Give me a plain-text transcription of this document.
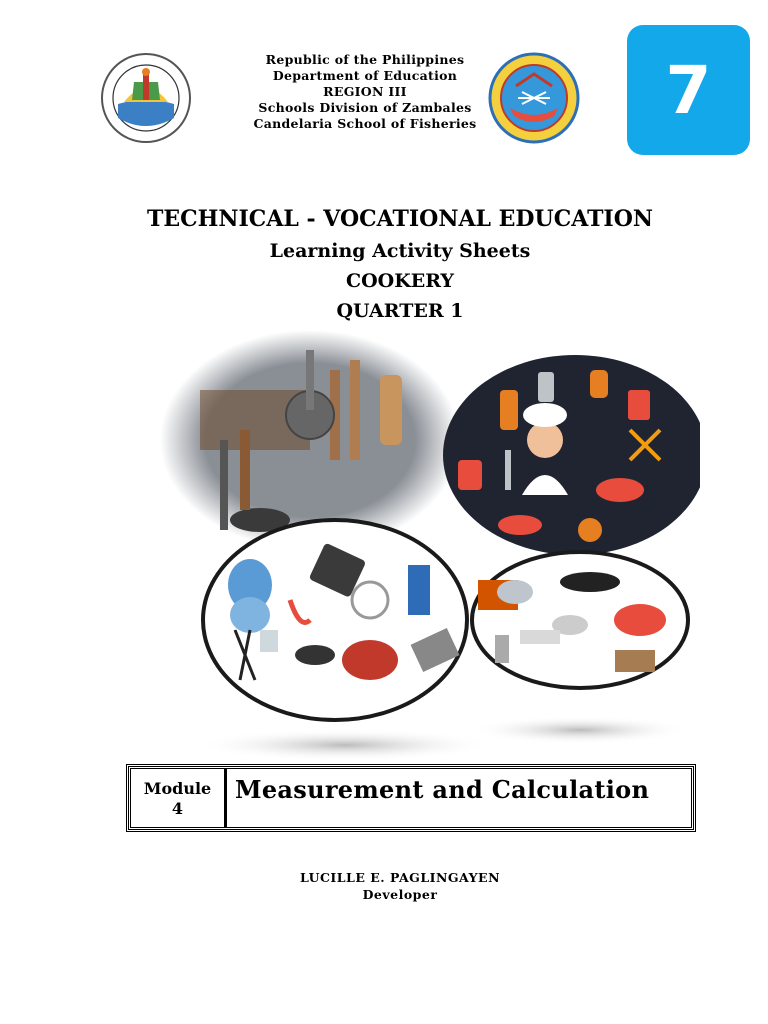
Republic of the Philippines
Department of Education
REGION III
Schools Division of Zambales
Candelaria School of Fisheries	7
TECHNICAL - VOCATIONAL EDUCATION
Learning Activity Sheets
COOKERY
QUARTER 1
Module
4
Measurement and Calculation
LUCILLE E. PAGLINGAYEN
Developer
